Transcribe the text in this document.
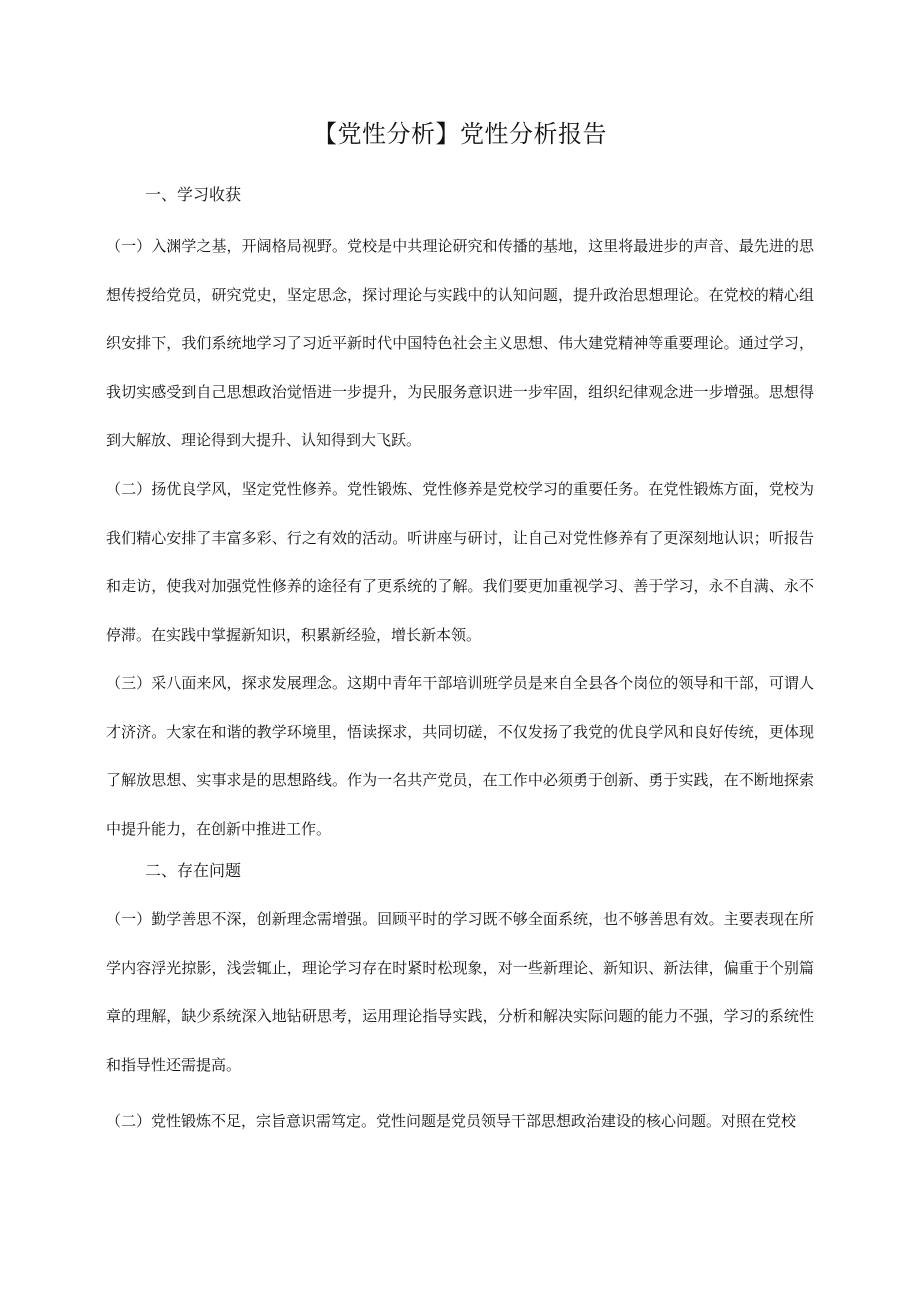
【党性分析】党性分析报告
一、学习收获

（一）入渊学之基，开阔格局视野。党校是中共理论研究和传播的基地，这里将最进步的声音、最先进的思想传授给党员，研究党史，坚定思念，探讨理论与实践中的认知问题，提升政治思想理论。在党校的精心组织安排下，我们系统地学习了习近平新时代中国特色社会主义思想、伟大建党精神等重要理论。通过学习，我切实感受到自己思想政治觉悟进一步提升，为民服务意识进一步牢固，组织纪律观念进一步增强。思想得到大解放、理论得到大提升、认知得到大飞跃。

（二）扬优良学风，坚定党性修养。党性锻炼、党性修养是党校学习的重要任务。在党性锻炼方面，党校为我们精心安排了丰富多彩、行之有效的活动。听讲座与研讨，让自己对党性修养有了更深刻地认识；听报告和走访，使我对加强党性修养的途径有了更系统的了解。我们要更加重视学习、善于学习，永不自满、永不停滞。在实践中掌握新知识，积累新经验，增长新本领。

（三）采八面来风，探求发展理念。这期中青年干部培训班学员是来自全县各个岗位的领导和干部，可谓人才济济。大家在和谐的教学环境里，悟读探求，共同切磋，不仅发扬了我党的优良学风和良好传统，更体现了解放思想、实事求是的思想路线。作为一名共产党员，在工作中必须勇于创新、勇于实践，在不断地探索中提升能力，在创新中推进工作。

二、存在问题

（一）勤学善思不深，创新理念需增强。回顾平时的学习既不够全面系统，也不够善思有效。主要表现在所学内容浮光掠影，浅尝辄止，理论学习存在时紧时松现象，对一些新理论、新知识、新法律，偏重于个别篇章的理解，缺少系统深入地钻研思考，运用理论指导实践，分析和解决实际问题的能力不强，学习的系统性和指导性还需提高。

（二）党性锻炼不足，宗旨意识需笃定。党性问题是党员领导干部思想政治建设的核心问题。对照在党校
